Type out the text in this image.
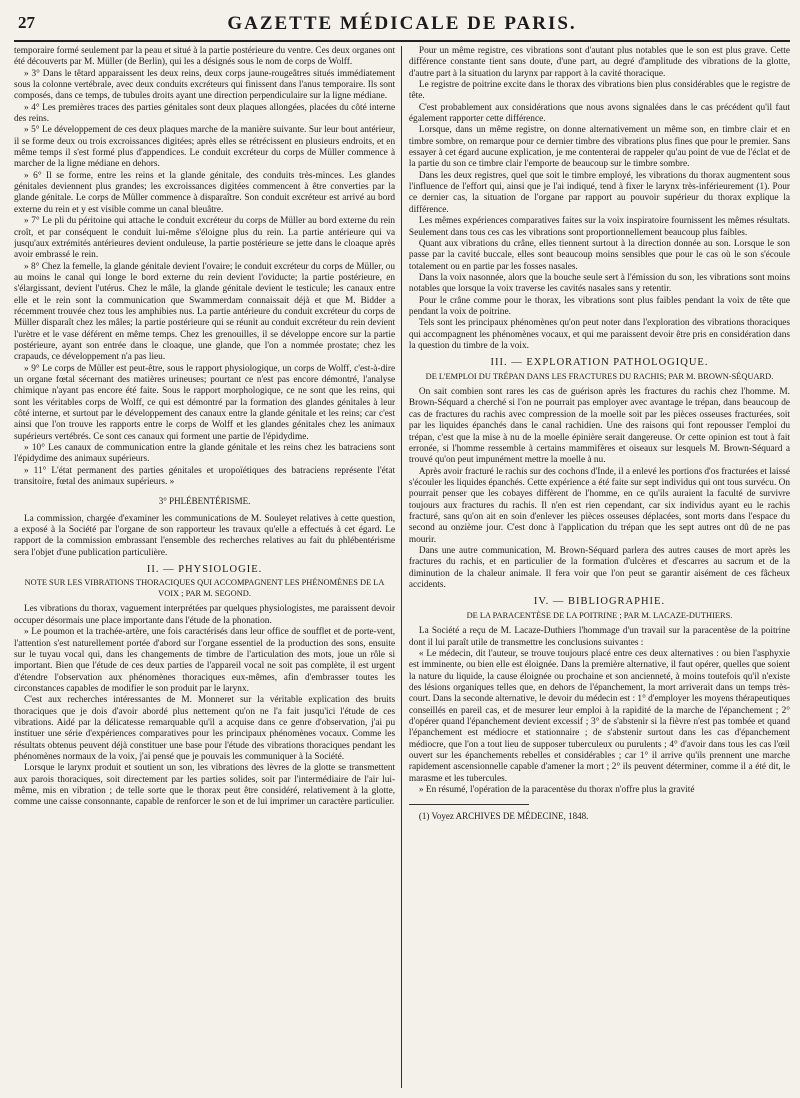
27	GAZETTE MÉDICALE DE PARIS.

temporaire formé seulement par la peau et situé à la partie postérieure du ventre. Ces deux organes ont été découverts par M. Müller (de Berlin), qui les a désignés sous le nom de corps de Wolff.

» 3° Dans le têtard apparaissent les deux reins, deux corps jaune-rougeâtres situés immédiatement sous la colonne vertébrale, avec deux conduits excréteurs qui finissent dans l'anus temporaire. Ils sont composés, dans ce temps, de tubules droits ayant une direction perpendiculaire sur la ligne médiane.

» 4° Les premières traces des parties génitales sont deux plaques allongées, placées du côté interne des reins.

» 5° Le développement de ces deux plaques marche de la manière suivante. Sur leur bout antérieur, il se forme deux ou trois excroissances digitées; après elles se rétrécissent en plusieurs endroits, et en même temps il s'est formé plus d'appendices. Le conduit excréteur du corps de Müller commence à marcher de la ligne médiane en dehors.

» 6° Il se forme, entre les reins et la glande génitale, des conduits très-minces. Les glandes génitales deviennent plus grandes; les excroissances digitées commencent à être converties par la glande génitale. Le corps de Müller commence à disparaître. Son conduit excréteur est arrivé au bord externe du rein et y est visible comme un canal bleuâtre.

» 7° Le pli du péritoine qui attache le conduit excréteur du corps de Müller au bord externe du rein croît, et par conséquent le conduit lui-même s'éloigne plus du rein. La partie antérieure qui va jusqu'aux extrémités antérieures devient onduleuse, la partie postérieure se jette dans le cloaque après avoir embrassé le rein.

» 8° Chez la femelle, la glande génitale devient l'ovaire; le conduit excréteur du corps de Müller, ou au moins le canal qui longe le bord externe du rein devient l'oviducte; la partie postérieure, en s'élargissant, devient l'utérus. Chez le mâle, la glande génitale devient le testicule; les canaux entre elle et le rein sont la communication que Swammerdam connaissait déjà et que M. Bidder a récemment trouvée chez tous les amphibies nus. La partie antérieure du conduit excréteur du corps de Müller disparaît chez les mâles; la partie postérieure qui se réunit au conduit excréteur du rein devient l'urètre et le vase déférent en même temps. Chez les grenouilles, il se développe encore sur la partie postérieure, ayant son entrée dans le cloaque, une glande, que l'on a nommée prostate; chez les crapauds, ce développement n'a pas lieu.

» 9° Le corps de Müller est peut-être, sous le rapport physiologique, un corps de Wolff, c'est-à-dire un organe fœtal sécernant des matières urineuses; pourtant ce n'est pas encore démontré, l'analyse chimique n'ayant pas encore été faite. Sous le rapport morphologique, ce ne sont que les reins, qui sont les véritables corps de Wolff, ce qui est démontré par la formation des glandes génitales à leur côté interne, et surtout par le développement des canaux entre la glande génitale et les reins; car c'est ainsi que l'on trouve les rapports entre le corps de Wolff et les glandes génitales chez les animaux supérieurs vertébrés. Ce sont ces canaux qui forment une partie de l'épidydime.

» 10° Les canaux de communication entre la glande génitale et les reins chez les batraciens sont l'épidydime des animaux supérieurs.

» 11° L'état permanent des parties génitales et uropoïétiques des batraciens représente l'état transitoire, fœtal des animaux supérieurs. »

3° PHLÉBENTÉRISME.

La commission, chargée d'examiner les communications de M. Souleyet relatives à cette question, a exposé à la Société par l'organe de son rapporteur les travaux qu'elle a effectués à cet égard. Le rapport de la commission embrassant l'ensemble des recherches relatives au fait du phlébentérisme sera l'objet d'une publication particulière.

II. — PHYSIOLOGIE.
NOTE SUR LES VIBRATIONS THORACIQUES QUI ACCOMPAGNENT LES PHÉNOMÈNES DE LA VOIX ; PAR M. SEGOND.

Les vibrations du thorax, vaguement interprétées par quelques physiologistes, me paraissent devoir occuper désormais une place importante dans l'étude de la phonation.

» Le poumon et la trachée-artère, une fois caractérisés dans leur office de soufflet et de porte-vent, l'attention s'est naturellement portée d'abord sur l'organe essentiel de la production des sons, ensuite sur le tuyau vocal qui, dans les changements de timbre de l'articulation des mots, joue un rôle si important. Bien que l'étude de ces deux parties de l'appareil vocal ne soit pas complète, il est urgent d'étendre l'observation aux phénomènes thoraciques eux-mêmes, afin d'embrasser toutes les circonstances capables de modifier le son produit par le larynx.

C'est aux recherches intéressantes de M. Monneret sur la véritable explication des bruits thoraciques que je dois d'avoir abordé plus nettement qu'on ne l'a fait jusqu'ici l'étude de ces vibrations. Aidé par la délicatesse remarquable qu'il a acquise dans ce genre d'observation, j'ai pu instituer une série d'expériences comparatives pour les principaux phénomènes vocaux. Comme les résultats obtenus peuvent déjà constituer une base pour l'étude des vibrations thoraciques pendant les phénomènes normaux de la voix, j'ai pensé que je pouvais les communiquer à la Société.

Lorsque le larynx produit et soutient un son, les vibrations des lèvres de la glotte se transmettent aux parois thoraciques, soit directement par les parties solides, soit par l'intermédiaire de l'air lui-même, mis en vibration ; de telle sorte que le thorax peut être considéré, relativement à la glotte, comme une caisse consonnante, capable de renforcer le son et de lui imprimer un caractère particulier.

Pour un même registre, ces vibrations sont d'autant plus notables que le son est plus grave. Cette différence constante tient sans doute, d'une part, au degré d'amplitude des vibrations de la glotte, d'autre part à la situation du larynx par rapport à la cavité thoracique.

Le registre de poitrine excite dans le thorax des vibrations bien plus considérables que le registre de tête.

C'est probablement aux considérations que nous avons signalées dans le cas précédent qu'il faut également rapporter cette différence.

Lorsque, dans un même registre, on donne alternativement un même son, en timbre clair et en timbre sombre, on remarque pour ce dernier timbre des vibrations plus fines que pour le premier. Sans essayer à cet égard aucune explication, je me contenterai de rappeler qu'au point de vue de l'éclat et de la partie du son ce timbre clair l'emporte de beaucoup sur le timbre sombre.

Dans les deux registres, quel que soit le timbre employé, les vibrations du thorax augmentent sous l'influence de l'effort qui, ainsi que je l'ai indiqué, tend à fixer le larynx très-inférieurement (1). Pour ce dernier cas, la situation de l'organe par rapport au pouvoir supérieur du thorax explique la différence.

Les mêmes expériences comparatives faites sur la voix inspiratoire fournissent les mêmes résultats. Seulement dans tous ces cas les vibrations sont proportionnellement beaucoup plus faibles.

Quant aux vibrations du crâne, elles tiennent surtout à la direction donnée au son. Lorsque le son passe par la cavité buccale, elles sont beaucoup moins sensibles que pour le cas où le son s'écoule totalement ou en partie par les fosses nasales.

Dans la voix nasonnée, alors que la bouche seule sert à l'émission du son, les vibrations sont moins notables que lorsque la voix traverse les cavités nasales sans y retentir.

Pour le crâne comme pour le thorax, les vibrations sont plus faibles pendant la voix de tête que pendant la voix de poitrine.

Tels sont les principaux phénomènes qu'on peut noter dans l'exploration des vibrations thoraciques qui accompagnent les phénomènes vocaux, et qui me paraissent devoir être pris en considération dans la question du timbre de la voix.

III. — EXPLORATION PATHOLOGIQUE.
DE L'EMPLOI DU TRÉPAN DANS LES FRACTURES DU RACHIS; PAR M. BROWN-SÉQUARD.

On sait combien sont rares les cas de guérison après les fractures du rachis chez l'homme. M. Brown-Séquard a cherché si l'on ne pourrait pas employer avec avantage le trépan, dans beaucoup de cas de fractures du rachis avec compression de la moelle soit par les pièces osseuses fracturées, soit par les liquides épanchés dans le canal rachidien. Une des raisons qui font repousser l'emploi du trépan, c'est que la mise à nu de la moelle épinière serait dangereuse. Or cette opinion est tout à fait erronée, si l'homme ressemble à certains mammifères et oiseaux sur lesquels M. Brown-Séquard a trouvé qu'on peut impunément mettre la moelle à nu.

Après avoir fracturé le rachis sur des cochons d'Inde, il a enlevé les portions d'os fracturées et laissé s'écouler les liquides épanchés. Cette expérience a été faite sur sept individus qui ont tous survécu. On pourrait penser que les cobayes diffèrent de l'homme, en ce qu'ils auraient la faculté de survivre toujours aux fractures du rachis. Il n'en est rien cependant, car six individus ayant eu le rachis fracturé, sans qu'on ait en soin d'enlever les pièces osseuses déplacées, sont morts dans l'espace du second au onzième jour. C'est donc à l'application du trépan que les sept autres ont dû de ne pas mourir.

Dans une autre communication, M. Brown-Séquard parlera des autres causes de mort après les fractures du rachis, et en particulier de la formation d'ulcères et d'escarres au sacrum et de la diminution de la chaleur animale. Il fera voir que l'on peut se garantir aisément de ces fâcheux accidents.

IV. — BIBLIOGRAPHIE.
DE LA PARACENTÈSE DE LA POITRINE ; PAR M. LACAZE-DUTHIERS.

La Société a reçu de M. Lacaze-Duthiers l'hommage d'un travail sur la paracentèse de la poitrine dont il lui paraît utile de transmettre les conclusions suivantes :

« Le médecin, dit l'auteur, se trouve toujours placé entre ces deux alternatives : ou bien l'asphyxie est imminente, ou bien elle est éloignée. Dans la première alternative, il faut opérer, quelles que soient la nature du liquide, la cause éloignée ou prochaine et son ancienneté, à moins toutefois qu'il n'existe des lésions organiques telles que, en dehors de l'épanchement, la mort arriverait dans un temps très-court. Dans la seconde alternative, le devoir du médecin est : 1° d'employer les moyens thérapeutiques conseillés en pareil cas, et de mesurer leur emploi à la rapidité de la marche de l'épanchement ; 2° d'opérer quand l'épanchement devient excessif ; 3° de s'abstenir si la fièvre n'est pas tombée et quand l'épanchement est médiocre et stationnaire ; de s'abstenir surtout dans les cas d'épanchement médiocre, que l'on a tout lieu de supposer tuberculeux ou purulents ; 4° d'avoir dans tous les cas l'œil ouvert sur les épanchements rebelles et considérables ; car 1° il arrive qu'ils prennent une marche rapidement ascensionnelle capable d'amener la mort ; 2° ils peuvent déterminer, comme il a été dit, le marasme et les tubercules.

» En résumé, l'opération de la paracentèse du thorax n'offre plus la gravité

(1) Voyez ARCHIVES DE MÉDECINE, 1848.
